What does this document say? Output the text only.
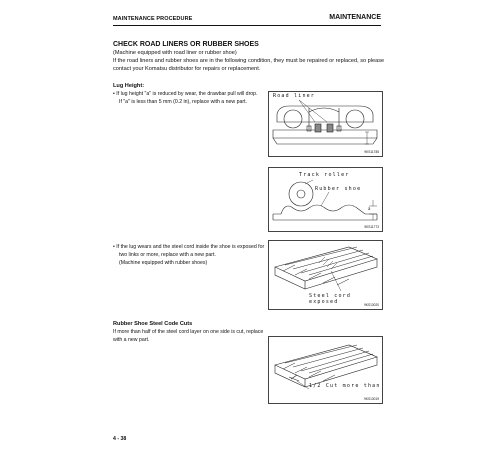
MAINTENANCE PROCEDURE	MAINTENANCE
CHECK ROAD LINERS OR RUBBER SHOES
(Machine equipped with road liner or rubber shoe)
If the road liners and rubber shoes are in the following condition, they must be repaired or replaced, so please
contact your Komatsu distributor for repairs or replacement.
Lug Height:
• If lug height "a" is reduced by wear, the drawbar pull will drop.
If "a" is less than 5 mm (0.2 in), replace with a new part.
Road liner
9KS11785
Track roller
Rubber shoe
a
9KS11773
• If the lug wears and the steel cord inside the shoe is exposed for
two links or more, replace with a new part.
(Machine equipped with rubber shoes)
Steel cord exposed	9KS13020
Rubber Shoe Steel Code Cuts
If more than half of the steel cord layer on one side is cut, replace
with a new part.
1/2 Cut more than
9KS13019
4 - 38
